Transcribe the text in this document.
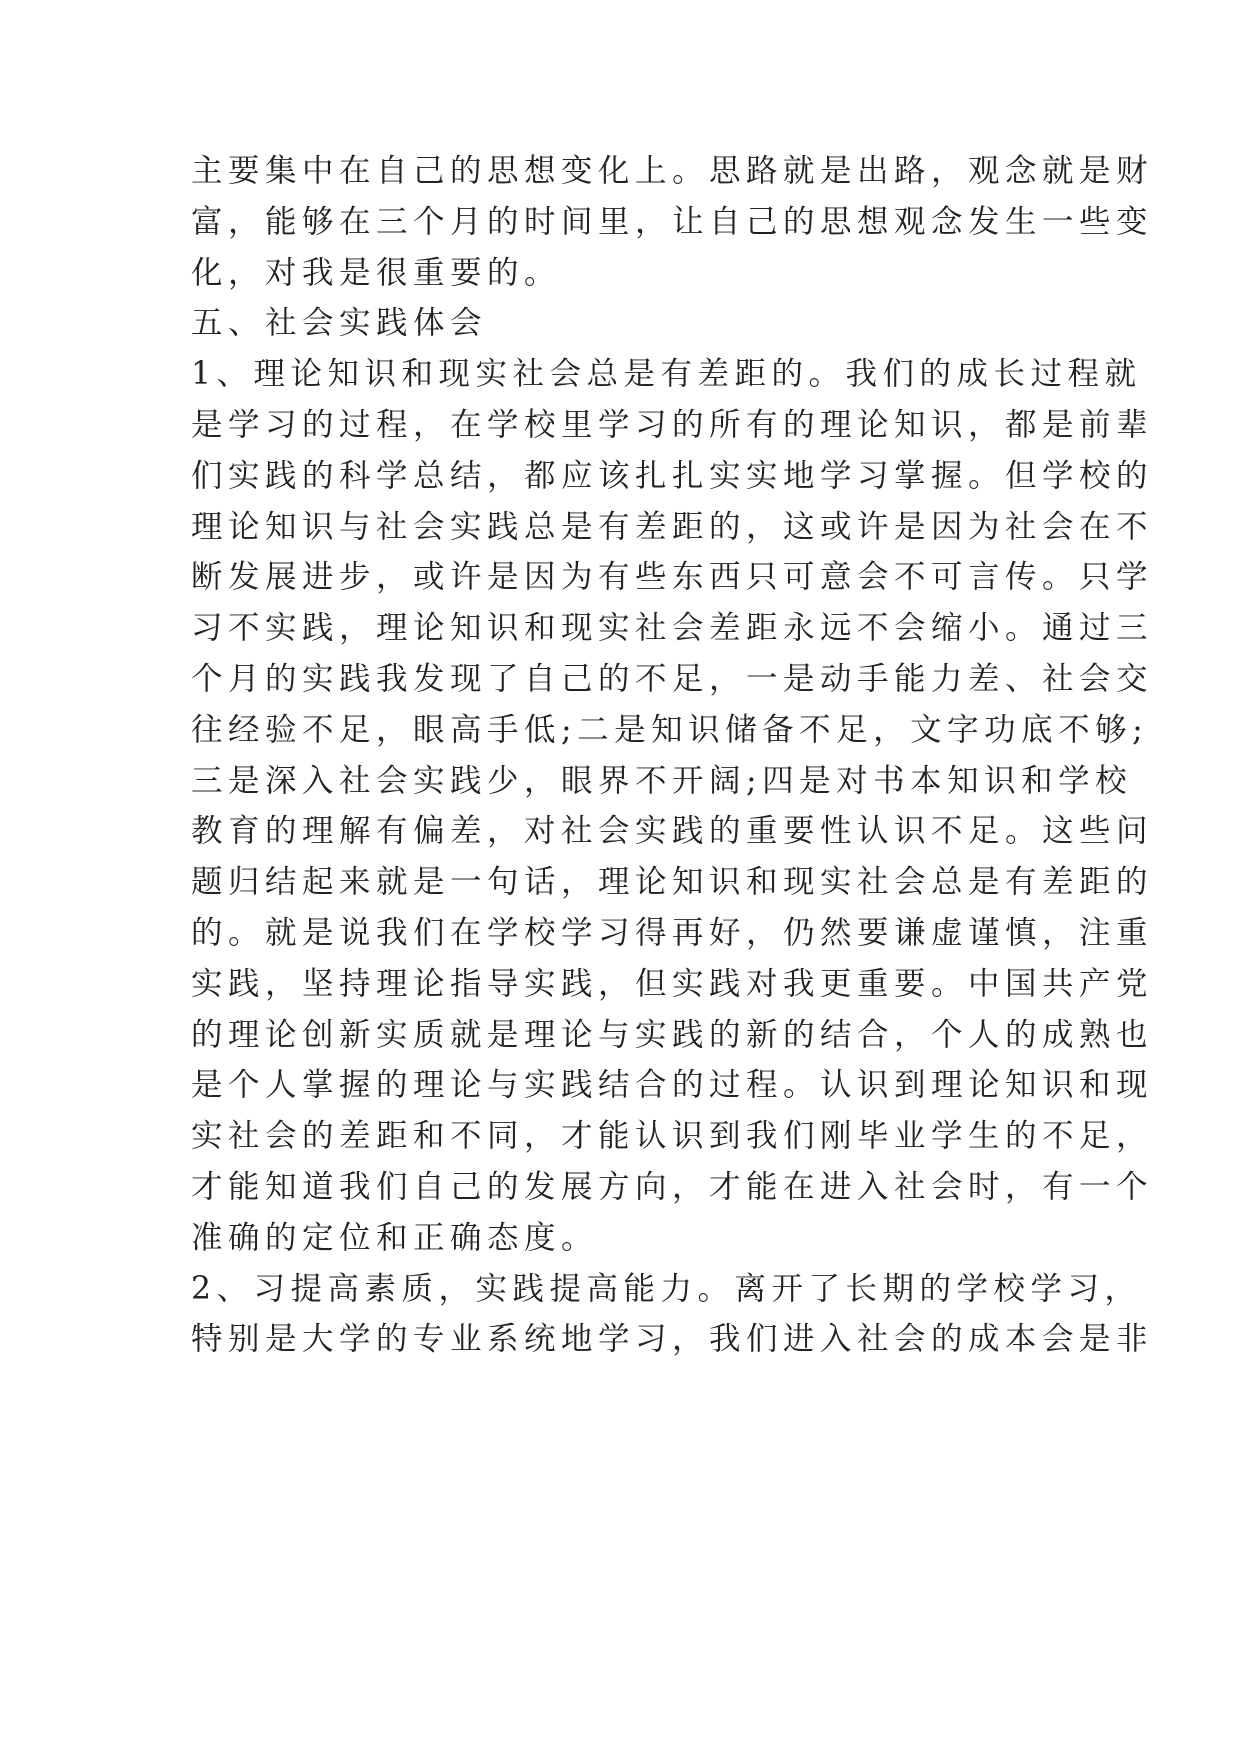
主要集中在自己的思想变化上。思路就是出路，观念就是财
富，能够在三个月的时间里，让自己的思想观念发生一些变
化，对我是很重要的。
五、社会实践体会
1、理论知识和现实社会总是有差距的。我们的成长过程就
是学习的过程，在学校里学习的所有的理论知识，都是前辈
们实践的科学总结，都应该扎扎实实地学习掌握。但学校的
理论知识与社会实践总是有差距的，这或许是因为社会在不
断发展进步，或许是因为有些东西只可意会不可言传。只学
习不实践，理论知识和现实社会差距永远不会缩小。通过三
个月的实践我发现了自己的不足，一是动手能力差、社会交
往经验不足，眼高手低;二是知识储备不足，文字功底不够;
三是深入社会实践少，眼界不开阔;四是对书本知识和学校
教育的理解有偏差，对社会实践的重要性认识不足。这些问
题归结起来就是一句话，理论知识和现实社会总是有差距的
的。就是说我们在学校学习得再好，仍然要谦虚谨慎，注重
实践，坚持理论指导实践，但实践对我更重要。中国共产党
的理论创新实质就是理论与实践的新的结合，个人的成熟也
是个人掌握的理论与实践结合的过程。认识到理论知识和现
实社会的差距和不同，才能认识到我们刚毕业学生的不足，
才能知道我们自己的发展方向，才能在进入社会时，有一个
准确的定位和正确态度。
2、习提高素质，实践提高能力。离开了长期的学校学习，
特别是大学的专业系统地学习，我们进入社会的成本会是非
